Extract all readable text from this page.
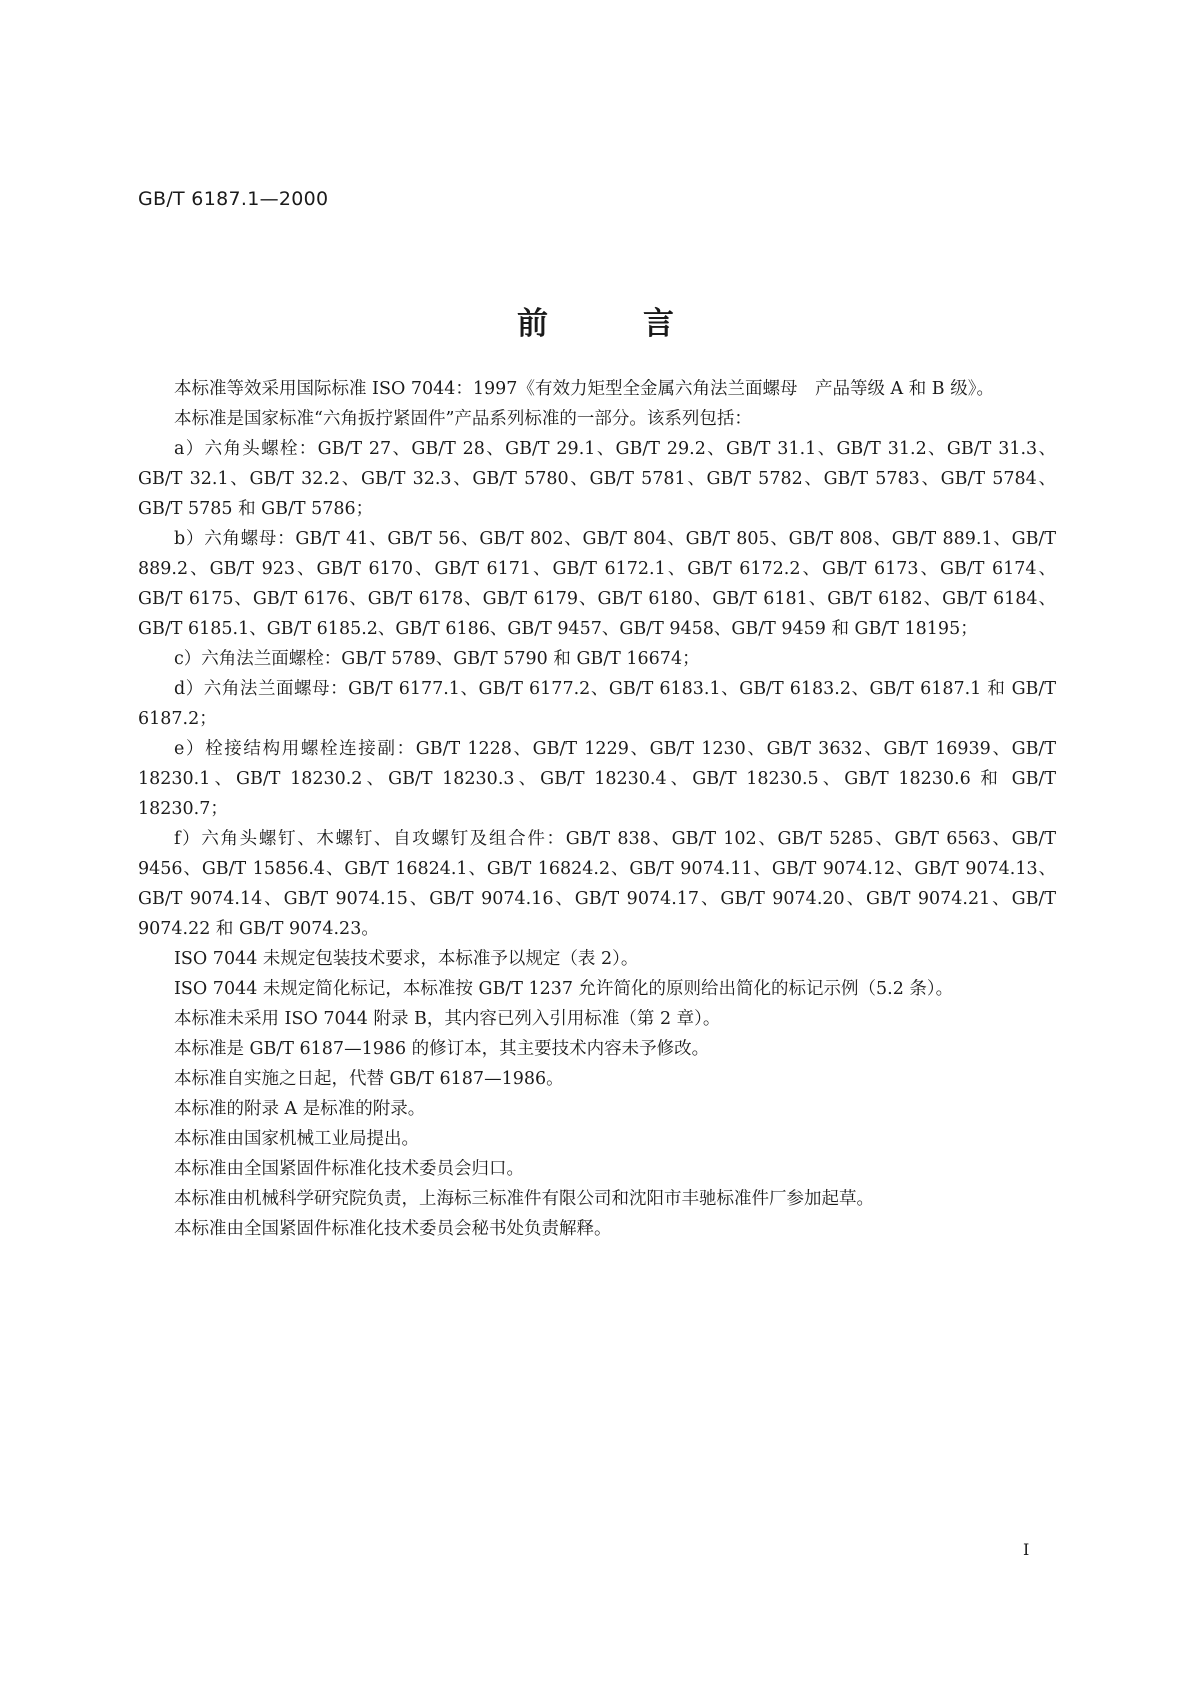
GB/T 6187.1—2000
前言

本标准等效采用国际标准 ISO 7044：1997《有效力矩型全金属六角法兰面螺母　产品等级 A 和 B 级》。

本标准是国家标准“六角扳拧紧固件”产品系列标准的一部分。该系列包括：

a）六角头螺栓：GB/T 27、GB/T 28、GB/T 29.1、GB/T 29.2、GB/T 31.1、GB/T 31.2、GB/T 31.3、GB/T 32.1、GB/T 32.2、GB/T 32.3、GB/T 5780、GB/T 5781、GB/T 5782、GB/T 5783、GB/T 5784、GB/T 5785 和 GB/T 5786；

b）六角螺母：GB/T 41、GB/T 56、GB/T 802、GB/T 804、GB/T 805、GB/T 808、GB/T 889.1、GB/T 889.2、GB/T 923、GB/T 6170、GB/T 6171、GB/T 6172.1、GB/T 6172.2、GB/T 6173、GB/T 6174、GB/T 6175、GB/T 6176、GB/T 6178、GB/T 6179、GB/T 6180、GB/T 6181、GB/T 6182、GB/T 6184、GB/T 6185.1、GB/T 6185.2、GB/T 6186、GB/T 9457、GB/T 9458、GB/T 9459 和 GB/T 18195；

c）六角法兰面螺栓：GB/T 5789、GB/T 5790 和 GB/T 16674；

d）六角法兰面螺母：GB/T 6177.1、GB/T 6177.2、GB/T 6183.1、GB/T 6183.2、GB/T 6187.1 和 GB/T 6187.2；

e）栓接结构用螺栓连接副：GB/T 1228、GB/T 1229、GB/T 1230、GB/T 3632、GB/T 16939、GB/T 18230.1、GB/T 18230.2、GB/T 18230.3、GB/T 18230.4、GB/T 18230.5、GB/T 18230.6 和 GB/T 18230.7；

f）六角头螺钉、木螺钉、自攻螺钉及组合件：GB/T 838、GB/T 102、GB/T 5285、GB/T 6563、GB/T 9456、GB/T 15856.4、GB/T 16824.1、GB/T 16824.2、GB/T 9074.11、GB/T 9074.12、GB/T 9074.13、GB/T 9074.14、GB/T 9074.15、GB/T 9074.16、GB/T 9074.17、GB/T 9074.20、GB/T 9074.21、GB/T 9074.22 和 GB/T 9074.23。

ISO 7044 未规定包装技术要求，本标准予以规定（表 2）。

ISO 7044 未规定简化标记，本标准按 GB/T 1237 允许简化的原则给出简化的标记示例（5.2 条）。

本标准未采用 ISO 7044 附录 B，其内容已列入引用标准（第 2 章）。

本标准是 GB/T 6187—1986 的修订本，其主要技术内容未予修改。

本标准自实施之日起，代替 GB/T 6187—1986。

本标准的附录 A 是标准的附录。

本标准由国家机械工业局提出。

本标准由全国紧固件标准化技术委员会归口。

本标准由机械科学研究院负责，上海标三标准件有限公司和沈阳市丰驰标准件厂参加起草。

本标准由全国紧固件标准化技术委员会秘书处负责解释。

I
